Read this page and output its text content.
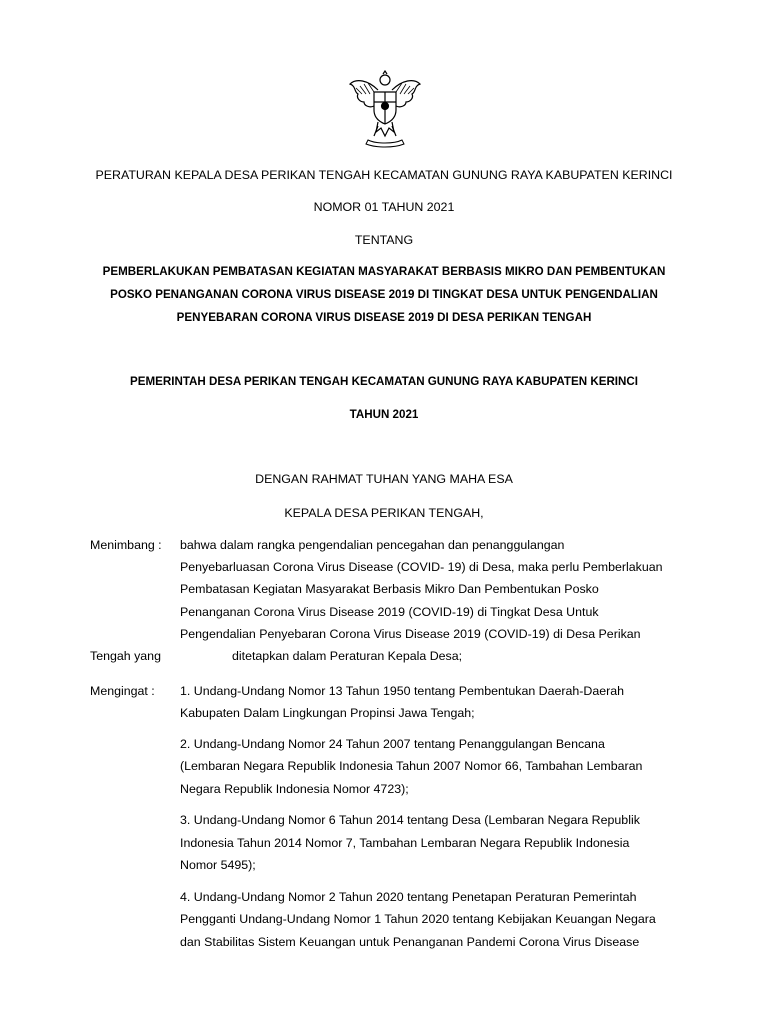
PERATURAN KEPALA DESA PERIKAN TENGAH KECAMATAN GUNUNG RAYA KABUPATEN KERINCI
NOMOR 01 TAHUN 2021
TENTANG
PEMBERLAKUKAN PEMBATASAN KEGIATAN MASYARAKAT BERBASIS MIKRO DAN PEMBENTUKAN
POSKO PENANGANAN CORONA VIRUS DISEASE 2019 DI TINGKAT DESA UNTUK PENGENDALIAN
PENYEBARAN CORONA VIRUS DISEASE 2019 DI DESA PERIKAN TENGAH
PEMERINTAH DESA PERIKAN TENGAH KECAMATAN GUNUNG RAYA KABUPATEN KERINCI
TAHUN 2021
DENGAN RAHMAT TUHAN YANG MAHA ESA
KEPALA DESA PERIKAN TENGAH,
Menimbang : bahwa dalam rangka pengendalian pencegahan dan penanggulangan
Penyebarluasan Corona Virus Disease (COVID- 19) di Desa, maka perlu Pemberlakuan
Pembatasan Kegiatan Masyarakat Berbasis Mikro Dan Pembentukan Posko
Penanganan Corona Virus Disease 2019 (COVID-19) di Tingkat Desa Untuk
Pengendalian Penyebaran Corona Virus Disease 2019 (COVID-19) di Desa Perikan
Tengah yang	ditetapkan dalam Peraturan Kepala Desa;
Mengingat : 1. Undang-Undang Nomor 13 Tahun 1950 tentang Pembentukan Daerah-Daerah
Kabupaten Dalam Lingkungan Propinsi Jawa Tengah;
2. Undang-Undang Nomor 24 Tahun 2007 tentang Penanggulangan Bencana
(Lembaran Negara Republik Indonesia Tahun 2007 Nomor 66, Tambahan Lembaran
Negara Republik Indonesia Nomor 4723);
3. Undang-Undang Nomor 6 Tahun 2014 tentang Desa (Lembaran Negara Republik
Indonesia Tahun 2014 Nomor 7, Tambahan Lembaran Negara Republik Indonesia
Nomor 5495);
4. Undang-Undang Nomor 2 Tahun 2020 tentang Penetapan Peraturan Pemerintah
Pengganti Undang-Undang Nomor 1 Tahun 2020 tentang Kebijakan Keuangan Negara
dan Stabilitas Sistem Keuangan untuk Penanganan Pandemi Corona Virus Disease
